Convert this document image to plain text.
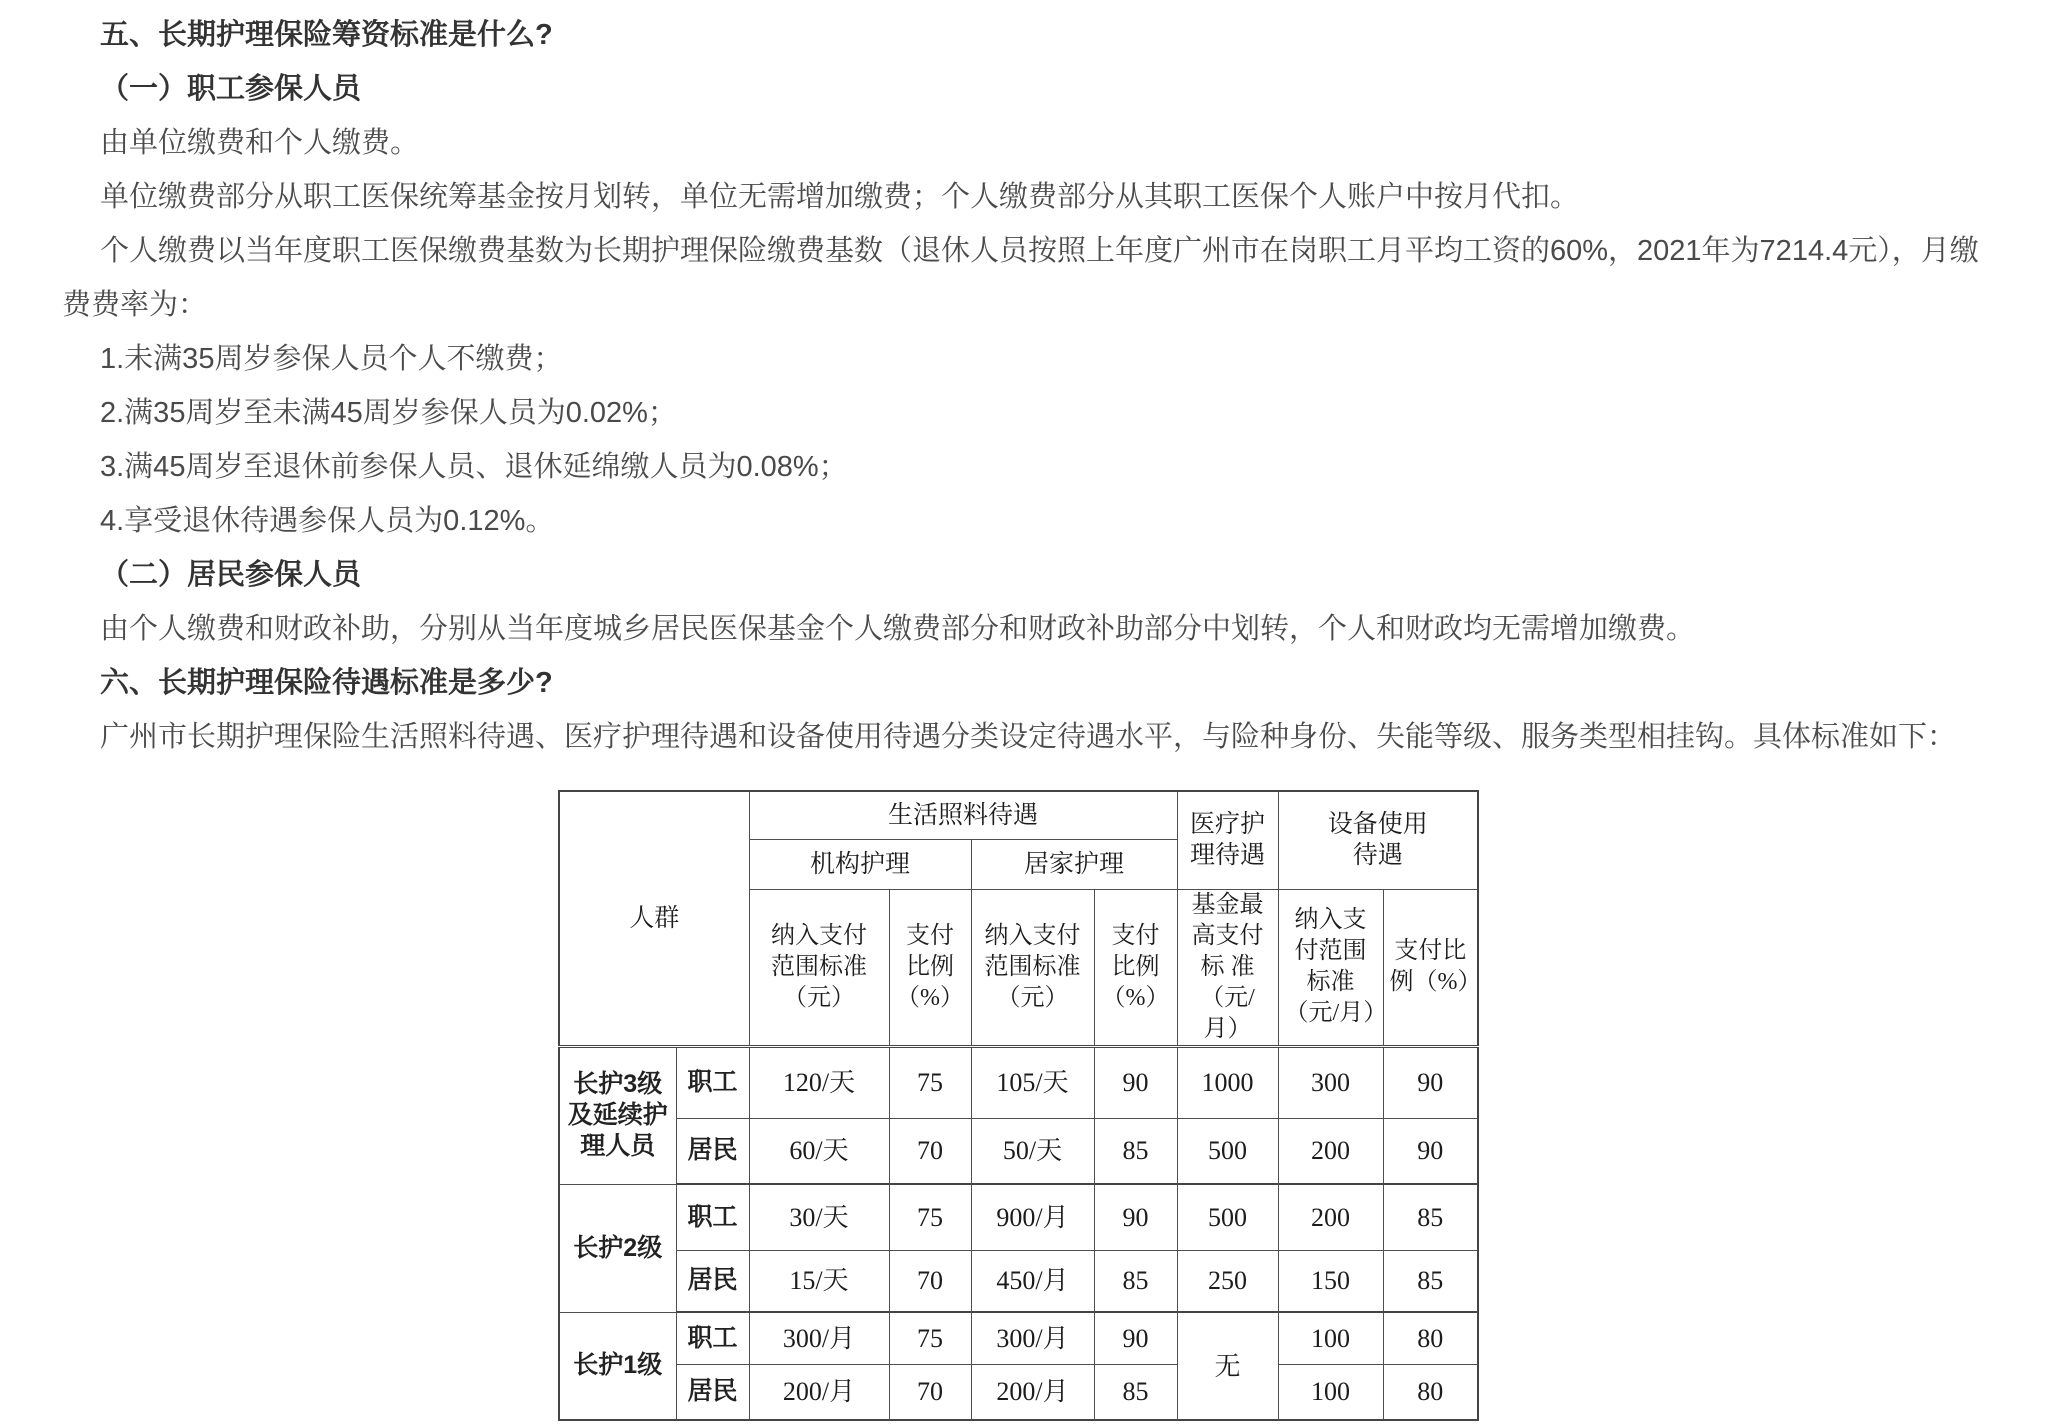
五、长期护理保险筹资标准是什么?

（一）职工参保人员

由单位缴费和个人缴费。

单位缴费部分从职工医保统筹基金按月划转，单位无需增加缴费；个人缴费部分从其职工医保个人账户中按月代扣。

个人缴费以当年度职工医保缴费基数为长期护理保险缴费基数（退休人员按照上年度广州市在岗职工月平均工资的60%，2021年为7214.4元），月缴费费率为：

1.未满35周岁参保人员个人不缴费；

2.满35周岁至未满45周岁参保人员为0.02%；

3.满45周岁至退休前参保人员、退休延绵缴人员为0.08%；

4.享受退休待遇参保人员为0.12%。

（二）居民参保人员

由个人缴费和财政补助，分别从当年度城乡居民医保基金个人缴费部分和财政补助部分中划转，个人和财政均无需增加缴费。

六、长期护理保险待遇标准是多少?

广州市长期护理保险生活照料待遇、医疗护理待遇和设备使用待遇分类设定待遇水平，与险种身份、失能等级、服务类型相挂钩。具体标准如下：

人群		生活照料待遇				医疗护理待遇	设备使用待遇	
		机构护理		居家护理				
		纳入支付范围标准（元）	支付比例（%）	纳入支付范围标准（元）	支付比例（%）	基金最高支付标 准（元/月）	纳入支付范围标准（元/月）	支付比例（%）
长护3级及延续护理人员	职工	120/天	75	105/天	90	1000	300	90
	居民	60/天	70	50/天	85	500	200	90
长护2级	职工	30/天	75	900/月	90	500	200	85
	居民	15/天	70	450/月	85	250	150	85
长护1级	职工	300/月	75	300/月	90	无	100	80
	居民	200/月	70	200/月	85		100	80
